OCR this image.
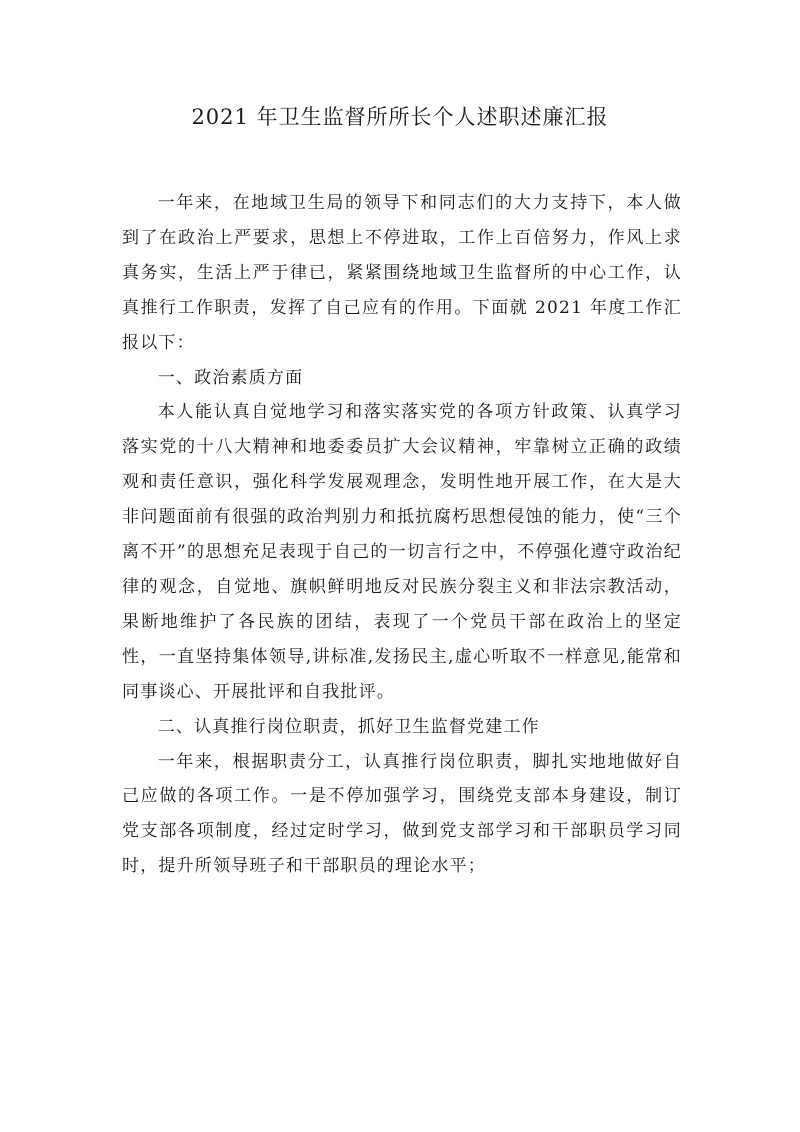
2021 年卫生监督所所长个人述职述廉汇报

一年来，在地域卫生局的领导下和同志们的大力支持下，本人做到了在政治上严要求，思想上不停进取，工作上百倍努力，作风上求真务实，生活上严于律已，紧紧围绕地域卫生监督所的中心工作，认真推行工作职责，发挥了自己应有的作用。下面就 2021 年度工作汇报以下：

一、政治素质方面

本人能认真自觉地学习和落实落实党的各项方针政策、认真学习落实党的十八大精神和地委委员扩大会议精神，牢靠树立正确的政绩观和责任意识，强化科学发展观理念，发明性地开展工作，在大是大非问题面前有很强的政治判别力和抵抗腐朽思想侵蚀的能力，使“三个离不开”的思想充足表现于自己的一切言行之中，不停强化遵守政治纪律的观念，自觉地、旗帜鲜明地反对民族分裂主义和非法宗教活动，果断地维护了各民族的团结，表现了一个党员干部在政治上的坚定性，一直坚持集体领导,讲标准,发扬民主,虚心听取不一样意见,能常和同事谈心、开展批评和自我批评。

二、认真推行岗位职责，抓好卫生监督党建工作

一年来，根据职责分工，认真推行岗位职责，脚扎实地地做好自己应做的各项工作。一是不停加强学习，围绕党支部本身建设，制订党支部各项制度，经过定时学习，做到党支部学习和干部职员学习同时，提升所领导班子和干部职员的理论水平；
